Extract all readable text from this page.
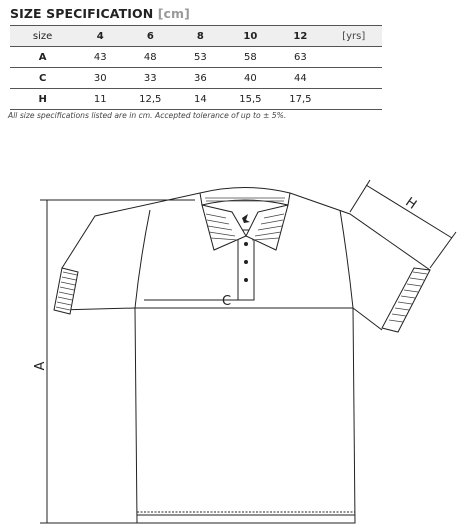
SIZE SPECIFICATION [cm]
size	4	6	8	10	12	[yrs]
A	43	48	53	58	63	
C	30	33	36	40	44	
H	11	12,5	14	15,5	17,5	
All size specifications listed are in cm. Accepted tolerance of up to ± 5%.
A
C
H
